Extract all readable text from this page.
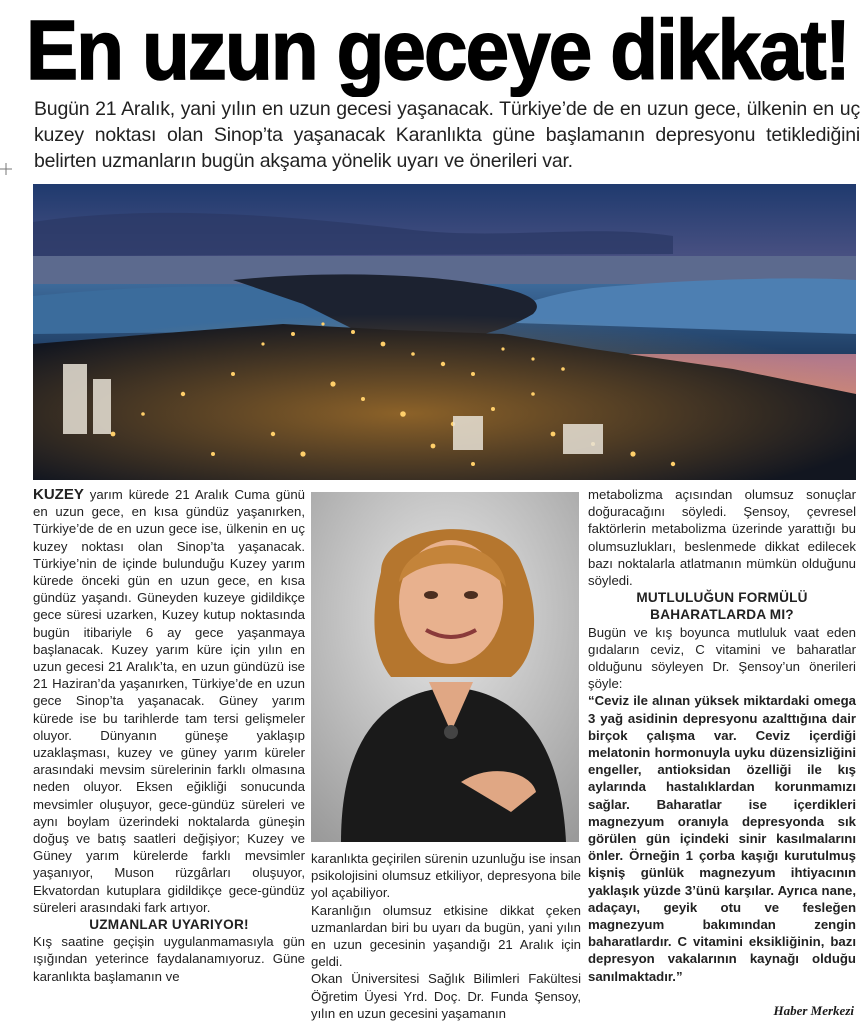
En uzun geceye dikkat!
Bugün 21 Aralık, yani yılın en uzun gecesi yaşanacak. Türkiye’de de en uzun gece, ülkenin en uç kuzey noktası olan Sinop’ta yaşanacak Karanlıkta güne başlamanın depresyonu tetiklediğini belirten uzmanların bugün akşama yönelik uyarı ve önerileri var.

KUZEY yarım kürede 21 Aralık Cuma günü en uzun gece, en kısa gündüz yaşanırken, Türkiye’de de en uzun gece ise, ülkenin en uç kuzey noktası olan Sinop’ta yaşanacak. Türkiye’nin de içinde bulunduğu Kuzey yarım kürede önceki gün en uzun gece, en kısa gündüz yaşandı. Güneyden kuzeye gidildikçe gece süresi uzarken, Kuzey kutup noktasında bugün itibariyle 6 ay gece yaşanmaya başlanacak. Kuzey yarım küre için yılın en uzun gecesi 21 Aralık’ta, en uzun gündüzü ise 21 Haziran’da yaşanırken, Türkiye’de en uzun gece Sinop’ta yaşanacak. Güney yarım kürede ise bu tarihlerde tam tersi gelişmeler oluyor. Dünyanın güneşe yaklaşıp uzaklaşması, kuzey ve güney yarım küreler arasındaki mevsim sürelerinin farklı olmasına neden oluyor. Eksen eğikliği sonucunda mevsimler oluşuyor, gece-gündüz süreleri ve aynı boylam üzerindeki noktalarda güneşin doğuş ve batış saatleri değişiyor; Kuzey ve Güney yarım kürelerde farklı mevsimler yaşanıyor, Muson rüzgârları oluşuyor, Ekvatordan kutuplara gidildikçe gece-gündüz süreleri arasındaki fark artıyor.

UZMANLAR UYARIYOR!

Kış saatine geçişin uygulanmamasıyla gün ışığından yeterince faydalanamıyoruz. Güne karanlıkta başlamanın ve

karanlıkta geçirilen sürenin uzunluğu ise insan psikolojisini olumsuz etkiliyor, depresyona bile yol açabiliyor.

Karanlığın olumsuz etkisine dikkat çeken uzmanlardan biri bu uyarı da bugün, yani yılın en uzun gecesinin yaşandığı 21 Aralık için geldi.

Okan Üniversitesi Sağlık Bilimleri Fakültesi Öğretim Üyesi Yrd. Doç. Dr. Funda Şensoy, yılın en uzun gecesini yaşamanın

metabolizma açısından olumsuz sonuçlar doğuracağını söyledi. Şensoy, çevresel faktörlerin metabolizma üzerinde yarattığı bu olumsuzlukları, beslenmede dikkat edilecek bazı noktalarla atlatmanın mümkün olduğunu söyledi.

MUTLULUĞUN FORMÜLÜ BAHARATLARDA MI?

Bugün ve kış boyunca mutluluk vaat eden gıdaların ceviz, C vitamini ve baharatlar olduğunu söyleyen Dr. Şensoy’un önerileri şöyle:

“Ceviz ile alınan yüksek miktardaki omega 3 yağ asidinin depresyonu azalttığına dair birçok çalışma var. Ceviz içerdiği melatonin hormonuyla uyku düzensizliğini engeller, antioksidan özelliği ile kış aylarında hastalıklardan korunmamızı sağlar. Baharatlar ise içerdikleri magnezyum oranıyla depresyonda sık görülen gün içindeki sinir kasılmalarını önler. Örneğin 1 çorba kaşığı kurutulmuş kişniş günlük magnezyum ihtiyacının yaklaşık yüzde 3’ünü karşılar. Ayrıca nane, adaçayı, geyik otu ve fesleğen magnezyum bakımından zengin baharatlardır. C vitamini eksikliğinin, bazı depresyon vakalarının kaynağı olduğu sanılmaktadır.”

Haber Merkezi
